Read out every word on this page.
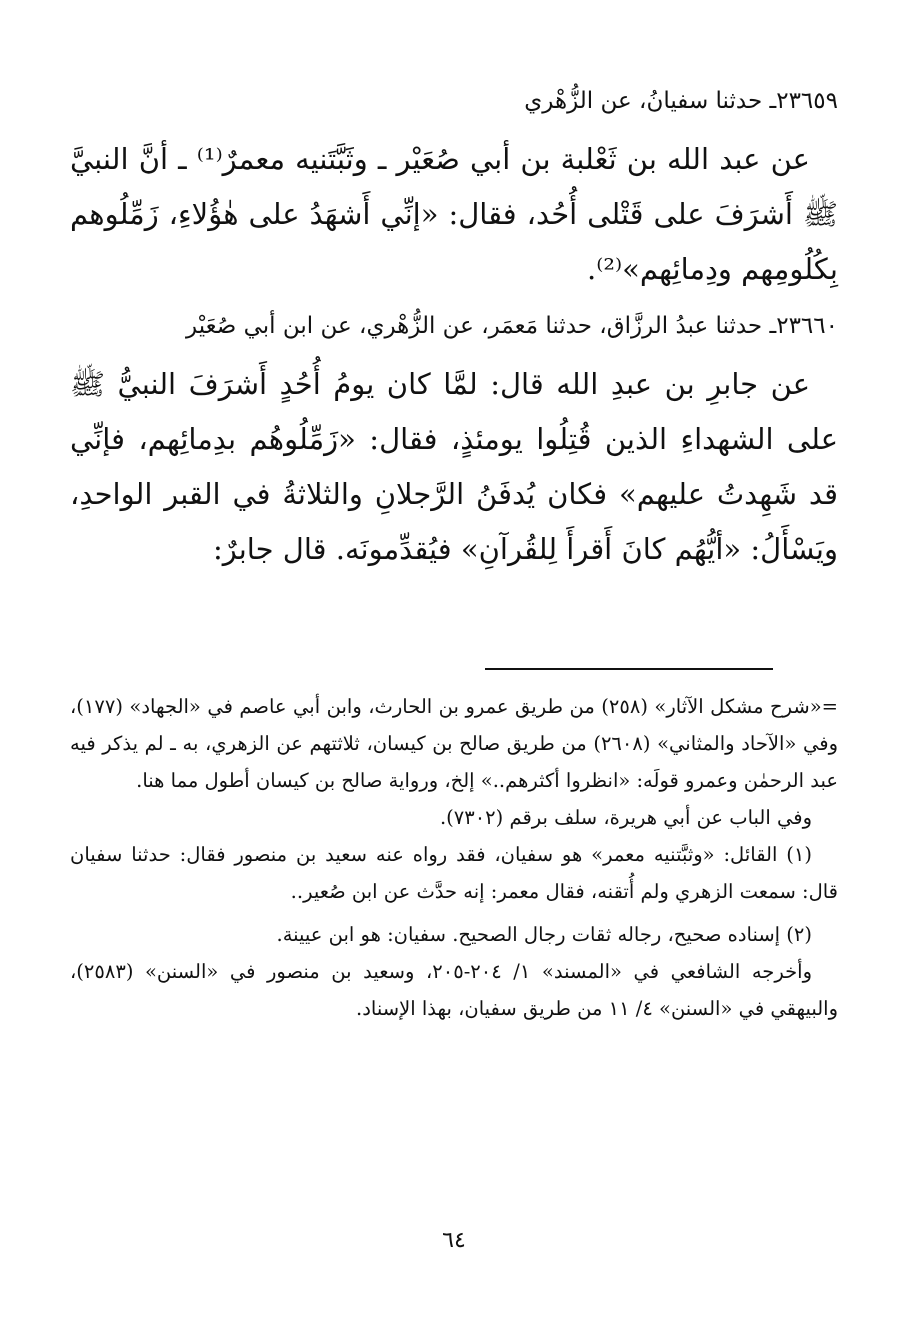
٢٣٦٥٩ـ حدثنا سفيانُ، عن الزُّهْري

عن عبد الله بن ثَعْلبة بن أبي صُعَيْر ـ وثَبَّتَنيه معمرٌ⁽¹⁾ ـ أنَّ النبيَّ ﷺ أَشرَفَ على قَتْلى أُحُد، فقال: «إنِّي أَشهَدُ على هٰؤُلاءِ، زَمِّلُوهم بِكُلُومِهم ودِمائِهم»⁽²⁾.

٢٣٦٦٠ـ حدثنا عبدُ الرزَّاق، حدثنا مَعمَر، عن الزُّهْري، عن ابن أبي صُعَيْر

عن جابرِ بن عبدِ الله قال: لمَّا كان يومُ أُحُدٍ أَشرَفَ النبيُّ ﷺ على الشهداءِ الذين قُتِلُوا يومئذٍ، فقال: «زَمِّلُوهُم بدِمائِهم، فإنِّي قد شَهِدتُ عليهم» فكان يُدفَنُ الرَّجلانِ والثلاثةُ في القبر الواحدِ، ويَسْأَلُ: «أيُّهُم كانَ أَقرأَ لِلقُرآنِ» فيُقدِّمونَه. قال جابرٌ:

=«شرح مشكل الآثار» (٢٥٨) من طريق عمرو بن الحارث، وابن أبي عاصم في «الجهاد» (١٧٧)، وفي «الآحاد والمثاني» (٢٦٠٨) من طريق صالح بن كيسان، ثلاثتهم عن الزهري، به ـ لم يذكر فيه عبد الرحمٰن وعمرو قولَه: «انظروا أكثرهم..» إلخ، ورواية صالح بن كيسان أطول مما هنا.

وفي الباب عن أبي هريرة، سلف برقم (٧٣٠٢).

(١) القائل: «وثبَّتنيه معمر» هو سفيان، فقد رواه عنه سعيد بن منصور فقال: حدثنا سفيان قال: سمعت الزهري ولم أُتقنه، فقال معمر: إنه حدَّث عن ابن صُعير..

(٢) إسناده صحيح، رجاله ثقات رجال الصحيح. سفيان: هو ابن عيينة.

وأخرجه الشافعي في «المسند» ١/ ٢٠٤-٢٠٥، وسعيد بن منصور في «السنن» (٢٥٨٣)، والبيهقي في «السنن» ٤/ ١١ من طريق سفيان، بهذا الإسناد.

٦٤
